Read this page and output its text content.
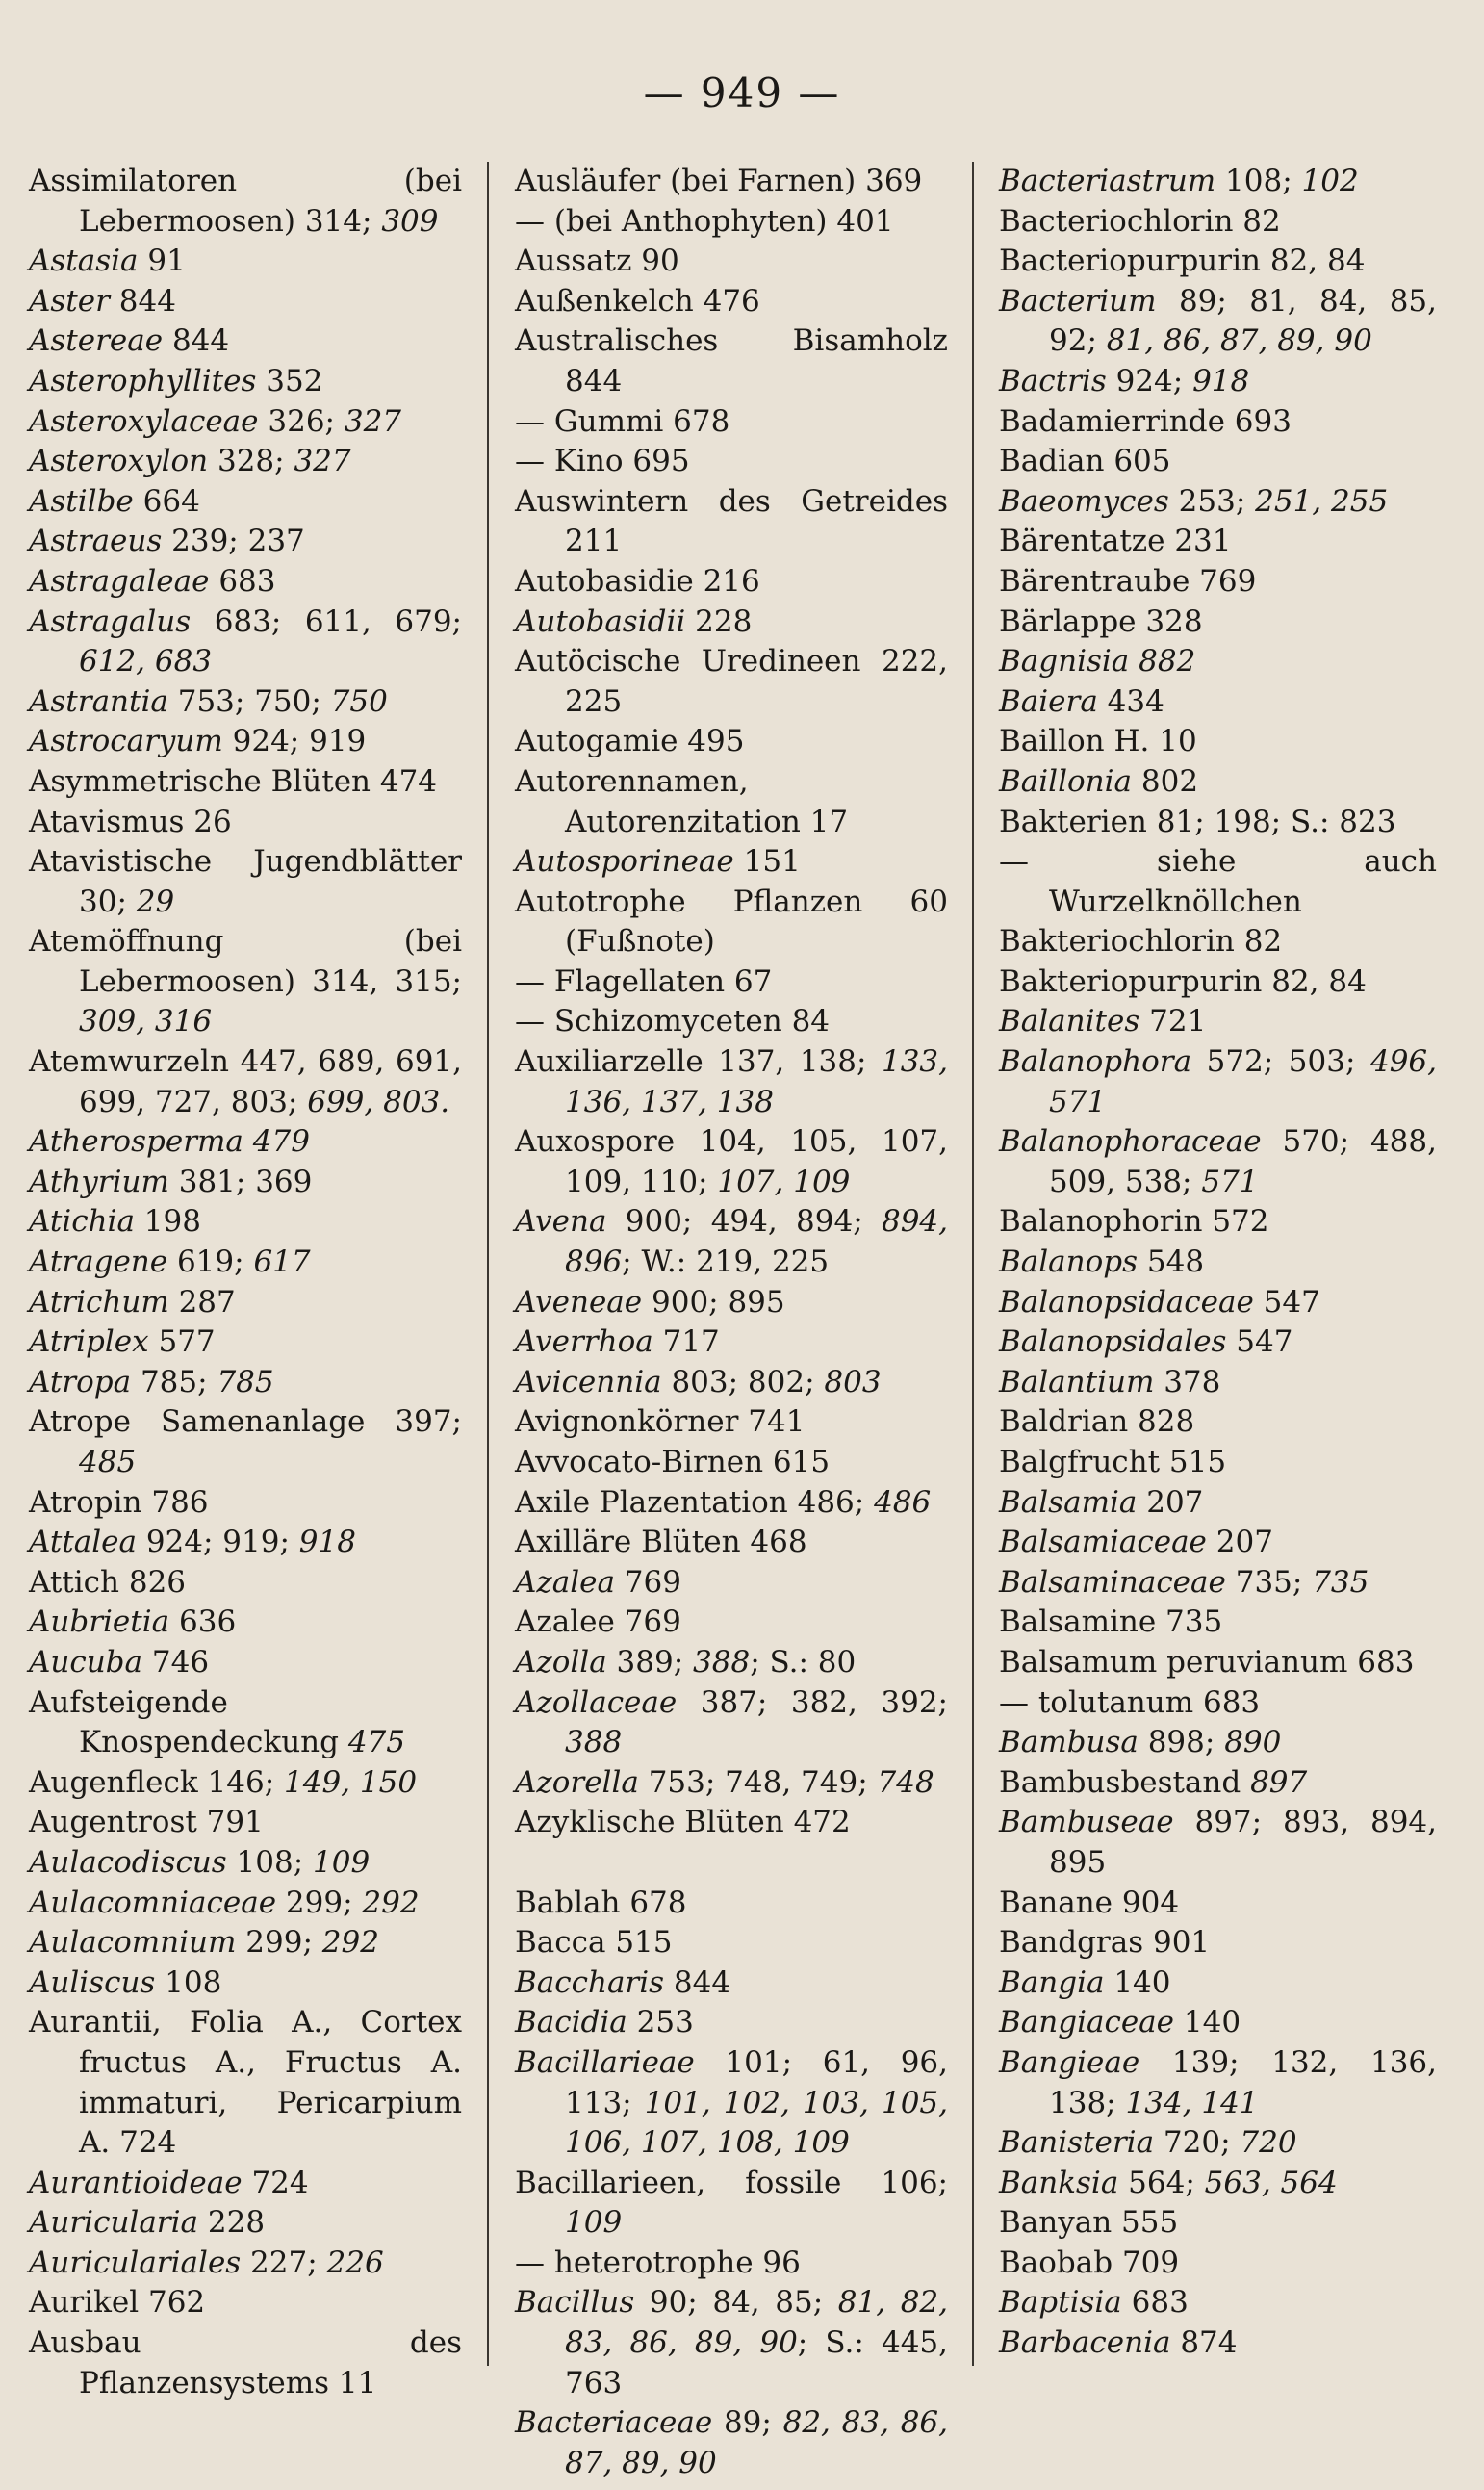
— 949 —

Assimilatoren (bei Lebermoosen) 314; 309

Astasia 91

Aster 844

Astereae 844

Asterophyllites 352

Asteroxylaceae 326; 327

Asteroxylon 328; 327

Astilbe 664

Astraeus 239; 237

Astragaleae 683

Astragalus 683; 611, 679; 612, 683

Astrantia 753; 750; 750

Astrocaryum 924; 919

Asymmetrische Blüten 474

Atavismus 26

Atavistische Jugendblätter 30; 29

Atemöffnung (bei Lebermoosen) 314, 315; 309, 316

Atemwurzeln 447, 689, 691, 699, 727, 803; 699, 803.

Atherosperma 479

Athyrium 381; 369

Atichia 198

Atragene 619; 617

Atrichum 287

Atriplex 577

Atropa 785; 785

Atrope Samenanlage 397; 485

Atropin 786

Attalea 924; 919; 918

Attich 826

Aubrietia 636

Aucuba 746

Aufsteigende Knospendeckung 475

Augenfleck 146; 149, 150

Augentrost 791

Aulacodiscus 108; 109

Aulacomniaceae 299; 292

Aulacomnium 299; 292

Auliscus 108

Aurantii, Folia A., Cortex fructus A., Fructus A. immaturi, Pericarpium A. 724

Aurantioideae 724

Auricularia 228

Auriculariales 227; 226

Aurikel 762

Ausbau des Pflanzensystems 11

Ausläufer (bei Farnen) 369

— (bei Anthophyten) 401

Aussatz 90

Außenkelch 476

Australisches Bisamholz 844

— Gummi 678

— Kino 695

Auswintern des Getreides 211

Autobasidie 216

Autobasidii 228

Autöcische Uredineen 222, 225

Autogamie 495

Autorennamen, Autorenzitation 17

Autosporineae 151

Autotrophe Pflanzen 60 (Fußnote)

— Flagellaten 67

— Schizomyceten 84

Auxiliarzelle 137, 138; 133, 136, 137, 138

Auxospore 104, 105, 107, 109, 110; 107, 109

Avena 900; 494, 894; 894, 896; W.: 219, 225

Aveneae 900; 895

Averrhoa 717

Avicennia 803; 802; 803

Avignonkörner 741

Avvocato-Birnen 615

Axile Plazentation 486; 486

Axilläre Blüten 468

Azalea 769

Azalee 769

Azolla 389; 388; S.: 80

Azollaceae 387; 382, 392; 388

Azorella 753; 748, 749; 748

Azyklische Blüten 472

Bablah 678

Bacca 515

Baccharis 844

Bacidia 253

Bacillarieae 101; 61, 96, 113; 101, 102, 103, 105, 106, 107, 108, 109

Bacillarieen, fossile 106; 109

— heterotrophe 96

Bacillus 90; 84, 85; 81, 82, 83, 86, 89, 90; S.: 445, 763

Bacteriaceae 89; 82, 83, 86, 87, 89, 90

Bacteriastrum 108; 102

Bacteriochlorin 82

Bacteriopurpurin 82, 84

Bacterium 89; 81, 84, 85, 92; 81, 86, 87, 89, 90

Bactris 924; 918

Badamierrinde 693

Badian 605

Baeomyces 253; 251, 255

Bärentatze 231

Bärentraube 769

Bärlappe 328

Bagnisia 882

Baiera 434

Baillon H. 10

Baillonia 802

Bakterien 81; 198; S.: 823

— siehe auch Wurzelknöllchen

Bakteriochlorin 82

Bakteriopurpurin 82, 84

Balanites 721

Balanophora 572; 503; 496, 571

Balanophoraceae 570; 488, 509, 538; 571

Balanophorin 572

Balanops 548

Balanopsidaceae 547

Balanopsidales 547

Balantium 378

Baldrian 828

Balgfrucht 515

Balsamia 207

Balsamiaceae 207

Balsaminaceae 735; 735

Balsamine 735

Balsamum peruvianum 683

— tolutanum 683

Bambusa 898; 890

Bambusbestand 897

Bambuseae 897; 893, 894, 895

Banane 904

Bandgras 901

Bangia 140

Bangiaceae 140

Bangieae 139; 132, 136, 138; 134, 141

Banisteria 720; 720

Banksia 564; 563, 564

Banyan 555

Baobab 709

Baptisia 683

Barbacenia 874
